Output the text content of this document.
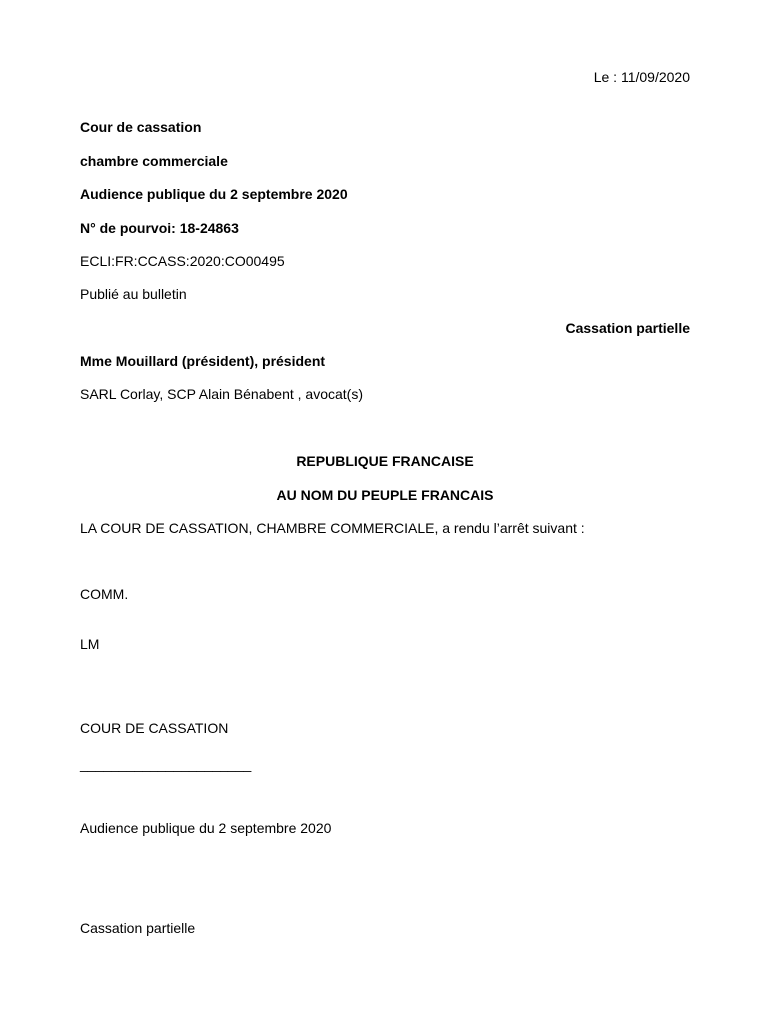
Le : 11/09/2020
Cour de cassation
chambre commerciale
Audience publique du 2 septembre 2020
N° de pourvoi: 18-24863
ECLI:FR:CCASS:2020:CO00495
Publié au bulletin
Cassation partielle
Mme Mouillard (président), président
SARL Corlay, SCP Alain Bénabent , avocat(s)
REPUBLIQUE FRANCAISE
AU NOM DU PEUPLE FRANCAIS
LA COUR DE CASSATION, CHAMBRE COMMERCIALE, a rendu l’arrêt suivant :
COMM.
LM
COUR DE CASSATION
______________________
Audience publique du 2 septembre 2020
Cassation partielle
